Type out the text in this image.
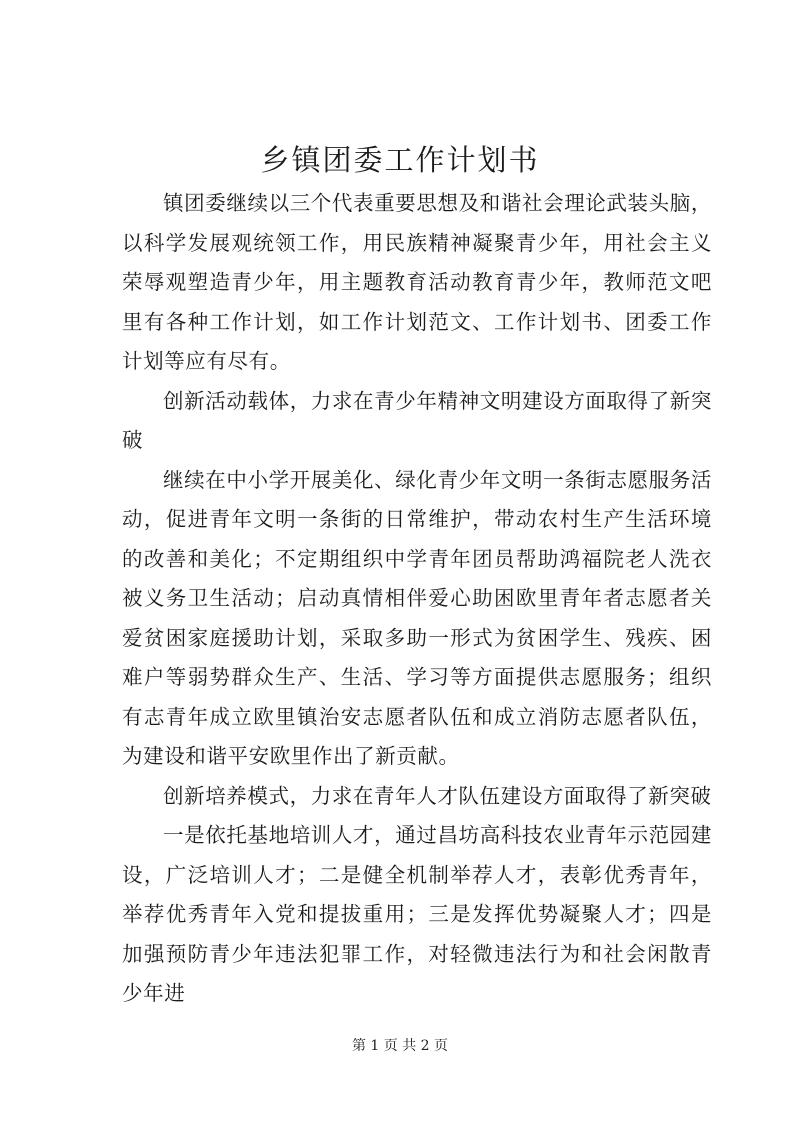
乡镇团委工作计划书

镇团委继续以三个代表重要思想及和谐社会理论武装头脑，以科学发展观统领工作，用民族精神凝聚青少年，用社会主义荣辱观塑造青少年，用主题教育活动教育青少年，教师范文吧里有各种工作计划，如工作计划范文、工作计划书、团委工作计划等应有尽有。

创新活动载体，力求在青少年精神文明建设方面取得了新突破

继续在中小学开展美化、绿化青少年文明一条街志愿服务活动，促进青年文明一条街的日常维护，带动农村生产生活环境的改善和美化；不定期组织中学青年团员帮助鸿福院老人洗衣被义务卫生活动；启动真情相伴爱心助困欧里青年者志愿者关爱贫困家庭援助计划，采取多助一形式为贫困学生、残疾、困难户等弱势群众生产、生活、学习等方面提供志愿服务；组织有志青年成立欧里镇治安志愿者队伍和成立消防志愿者队伍，为建设和谐平安欧里作出了新贡献。

创新培养模式，力求在青年人才队伍建设方面取得了新突破

一是依托基地培训人才，通过昌坊高科技农业青年示范园建设，广泛培训人才；二是健全机制举荐人才，表彰优秀青年，举荐优秀青年入党和提拔重用；三是发挥优势凝聚人才；四是加强预防青少年违法犯罪工作，对轻微违法行为和社会闲散青少年进

第 1 页 共 2 页
